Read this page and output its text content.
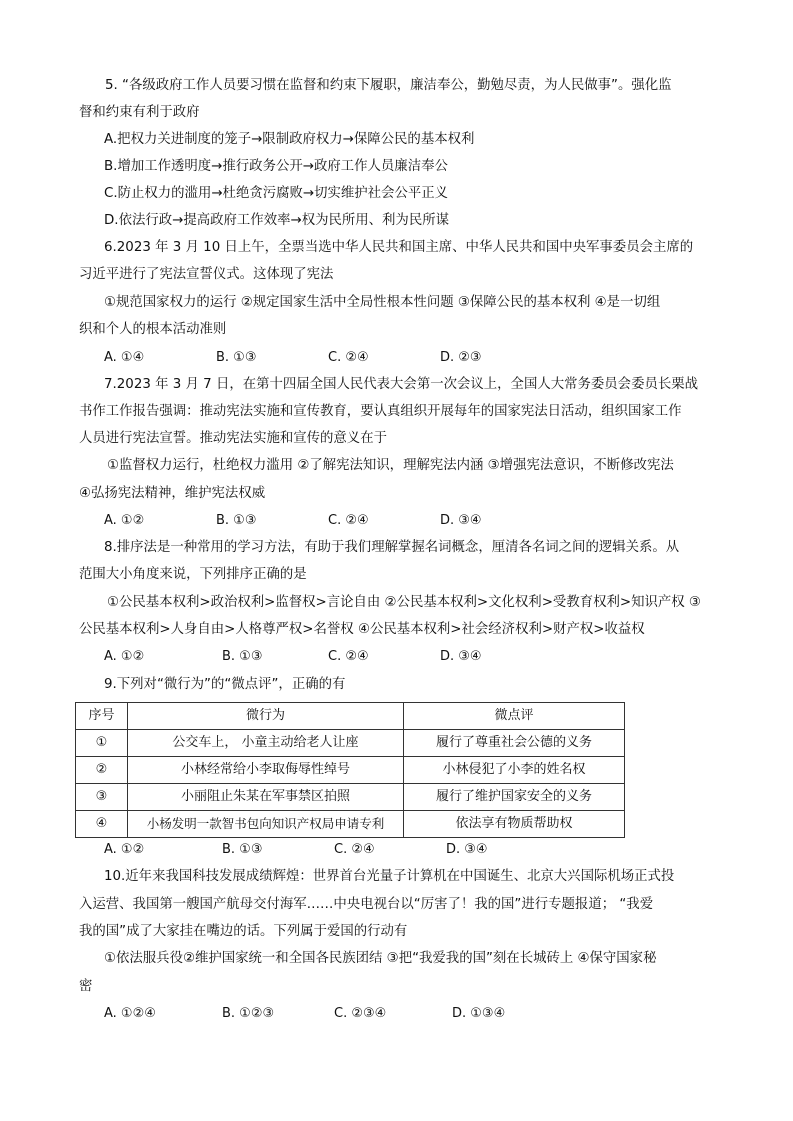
5. “各级政府工作人员要习惯在监督和约束下履职，廉洁奉公，勤勉尽责，为人民做事”。强化监
督和约束有利于政府
A.把权力关进制度的笼子→限制政府权力→保障公民的基本权利
B.增加工作透明度→推行政务公开→政府工作人员廉洁奉公
C.防止权力的滥用→杜绝贪污腐败→切实维护社会公平正义
D.依法行政→提高政府工作效率→权为民所用、利为民所谋
6.2023 年 3 月 10 日上午，全票当选中华人民共和国主席、中华人民共和国中央军事委员会主席的
习近平进行了宪法宣誓仪式。这体现了宪法
①规范国家权力的运行 ②规定国家生活中全局性根本性问题 ③保障公民的基本权利 ④是一切组
织和个人的根本活动准则
A. ①④	B. ①③	C. ②④	D. ②③
7.2023 年 3 月 7 日，在第十四届全国人民代表大会第一次会议上，全国人大常务委员会委员长栗战
书作工作报告强调：推动宪法实施和宣传教育，要认真组织开展每年的国家宪法日活动，组织国家工作
人员进行宪法宣誓。推动宪法实施和宣传的意义在于
①监督权力运行，杜绝权力滥用 ②了解宪法知识，理解宪法内涵 ③增强宪法意识，不断修改宪法
④弘扬宪法精神，维护宪法权威
A. ①②	B. ①③	C. ②④	D. ③④
8.排序法是一种常用的学习方法，有助于我们理解掌握名词概念，厘清各名词之间的逻辑关系。从
范围大小角度来说，下列排序正确的是
①公民基本权利>政治权利>监督权>言论自由 ②公民基本权利>文化权利>受教育权利>知识产权 ③
公民基本权利>人身自由>人格尊严权>名誉权 ④公民基本权利>社会经济权利>财产权>收益权
A. ①②	B. ①③	C. ②④	D. ③④
9.下列对“微行为”的“微点评”，正确的有
序号	微行为	微点评
①	公交车上， 小童主动给老人让座	履行了尊重社会公德的义务
②	小林经常给小李取侮辱性绰号	小林侵犯了小李的姓名权
③	小丽阻止朱某在军事禁区拍照	履行了维护国家安全的义务
④	小杨发明一款智书包向知识产权局申请专利	依法享有物质帮助权
A. ①②	B. ①③	C. ②④	D. ③④
10.近年来我国科技发展成绩辉煌：世界首台光量子计算机在中国诞生、北京大兴国际机场正式投
入运营、我国第一艘国产航母交付海军……中央电视台以“厉害了！我的国”进行专题报道； “我爱
我的国”成了大家挂在嘴边的话。下列属于爱国的行动有
①依法服兵役②维护国家统一和全国各民族团结 ③把“我爱我的国”刻在长城砖上 ④保守国家秘
密
A. ①②④	B. ①②③	C. ②③④	D. ①③④
